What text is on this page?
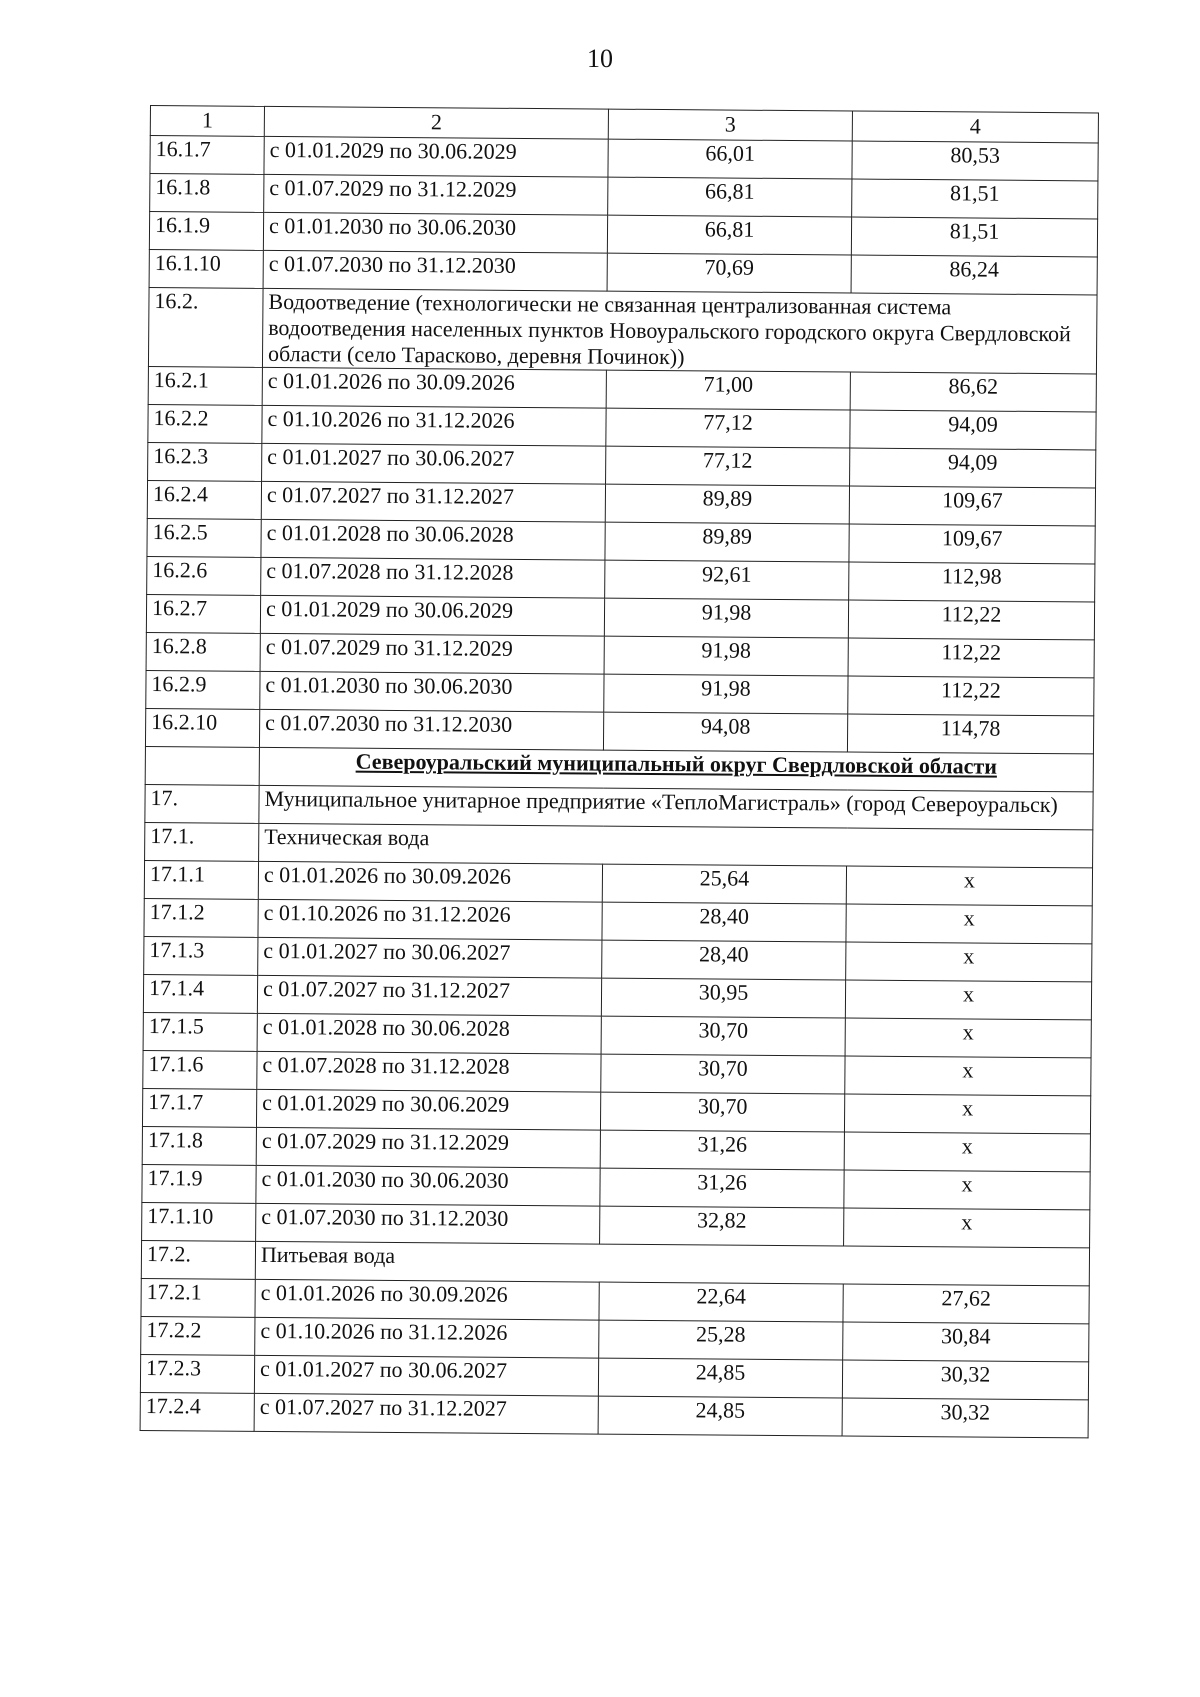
10
1	2	3	4
16.1.7	с 01.01.2029 по 30.06.2029	66,01	80,53
16.1.8	с 01.07.2029 по 31.12.2029	66,81	81,51
16.1.9	с 01.01.2030 по 30.06.2030	66,81	81,51
16.1.10	с 01.07.2030 по 31.12.2030	70,69	86,24
16.2.	Водоотведение (технологически не связанная централизованная система водоотведения населенных пунктов Новоуральского городского округа Свердловской области (село Тарасково, деревня Починок))		
16.2.1	с 01.01.2026 по 30.09.2026	71,00	86,62
16.2.2	с 01.10.2026 по 31.12.2026	77,12	94,09
16.2.3	с 01.01.2027 по 30.06.2027	77,12	94,09
16.2.4	с 01.07.2027 по 31.12.2027	89,89	109,67
16.2.5	с 01.01.2028 по 30.06.2028	89,89	109,67
16.2.6	с 01.07.2028 по 31.12.2028	92,61	112,98
16.2.7	с 01.01.2029 по 30.06.2029	91,98	112,22
16.2.8	с 01.07.2029 по 31.12.2029	91,98	112,22
16.2.9	с 01.01.2030 по 30.06.2030	91,98	112,22
16.2.10	с 01.07.2030 по 31.12.2030	94,08	114,78
	Североуральский муниципальный округ Свердловской области		
17.	Муниципальное унитарное предприятие «ТеплоМагистраль» (город Североуральск)		
17.1.	Техническая вода		
17.1.1	с 01.01.2026 по 30.09.2026	25,64	х
17.1.2	с 01.10.2026 по 31.12.2026	28,40	х
17.1.3	с 01.01.2027 по 30.06.2027	28,40	х
17.1.4	с 01.07.2027 по 31.12.2027	30,95	х
17.1.5	с 01.01.2028 по 30.06.2028	30,70	х
17.1.6	с 01.07.2028 по 31.12.2028	30,70	х
17.1.7	с 01.01.2029 по 30.06.2029	30,70	х
17.1.8	с 01.07.2029 по 31.12.2029	31,26	х
17.1.9	с 01.01.2030 по 30.06.2030	31,26	х
17.1.10	с 01.07.2030 по 31.12.2030	32,82	х
17.2.	Питьевая вода		
17.2.1	с 01.01.2026 по 30.09.2026	22,64	27,62
17.2.2	с 01.10.2026 по 31.12.2026	25,28	30,84
17.2.3	с 01.01.2027 по 30.06.2027	24,85	30,32
17.2.4	с 01.07.2027 по 31.12.2027	24,85	30,32
